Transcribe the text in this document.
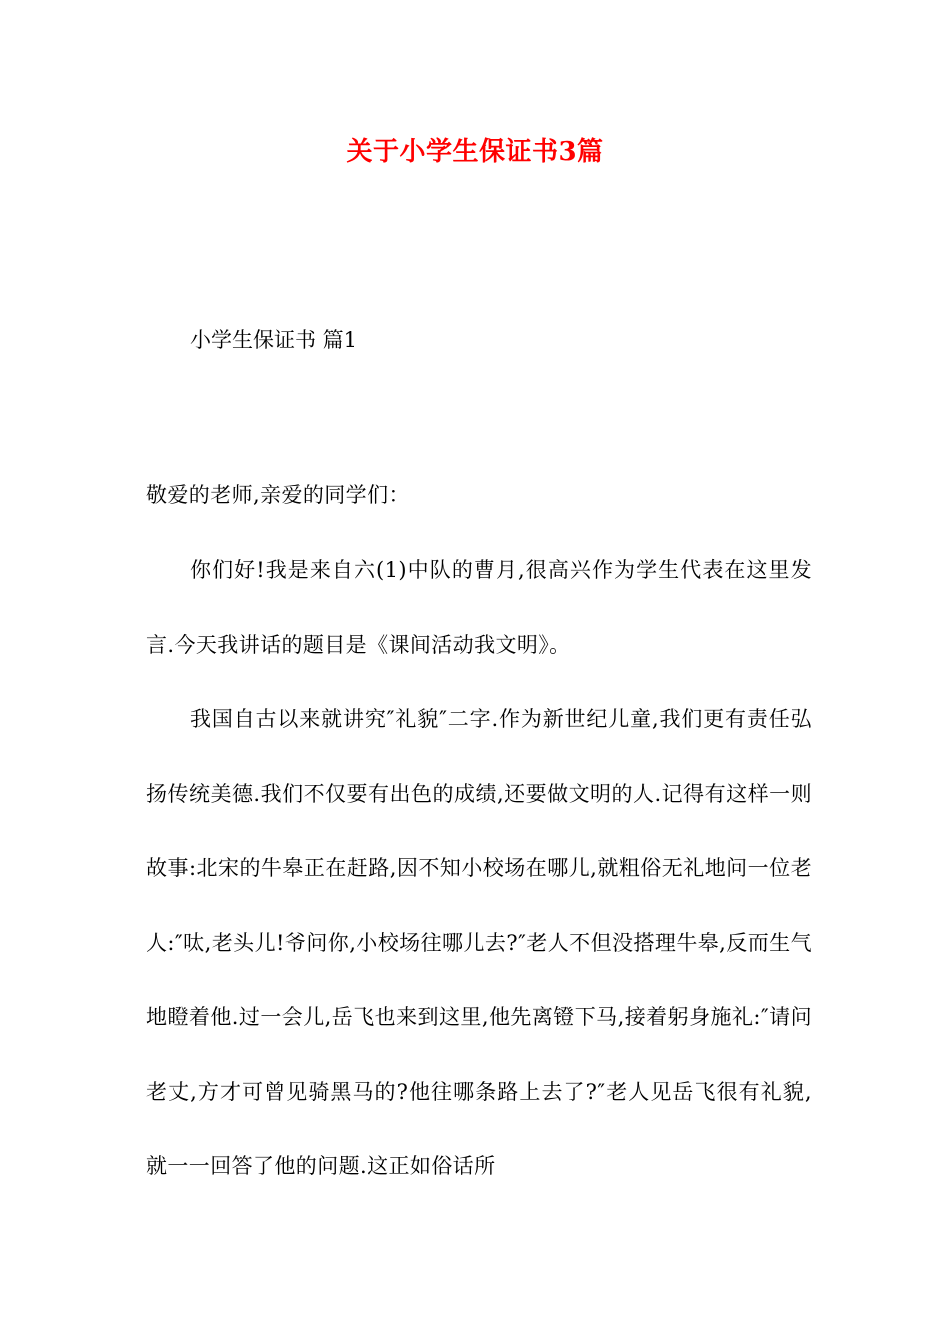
关于小学生保证书3篇

小学生保证书 篇1

敬爱的老师,亲爱的同学们：

你们好!我是来自六(1)中队的曹月,很高兴作为学生代表在这里发言.今天我讲话的题目是《课间活动我文明》。

我国自古以来就讲究″礼貌″二字.作为新世纪儿童,我们更有责任弘扬传统美德.我们不仅要有出色的成绩,还要做文明的人.记得有这样一则故事:北宋的牛皋正在赶路,因不知小校场在哪儿,就粗俗无礼地问一位老人:″呔,老头儿!爷问你,小校场往哪儿去?″老人不但没搭理牛皋,反而生气地瞪着他.过一会儿,岳飞也来到这里,他先离镫下马,接着躬身施礼:″请问老丈,方才可曾见骑黑马的?他往哪条路上去了?″老人见岳飞很有礼貌,就一一回答了他的问题.这正如俗话所
